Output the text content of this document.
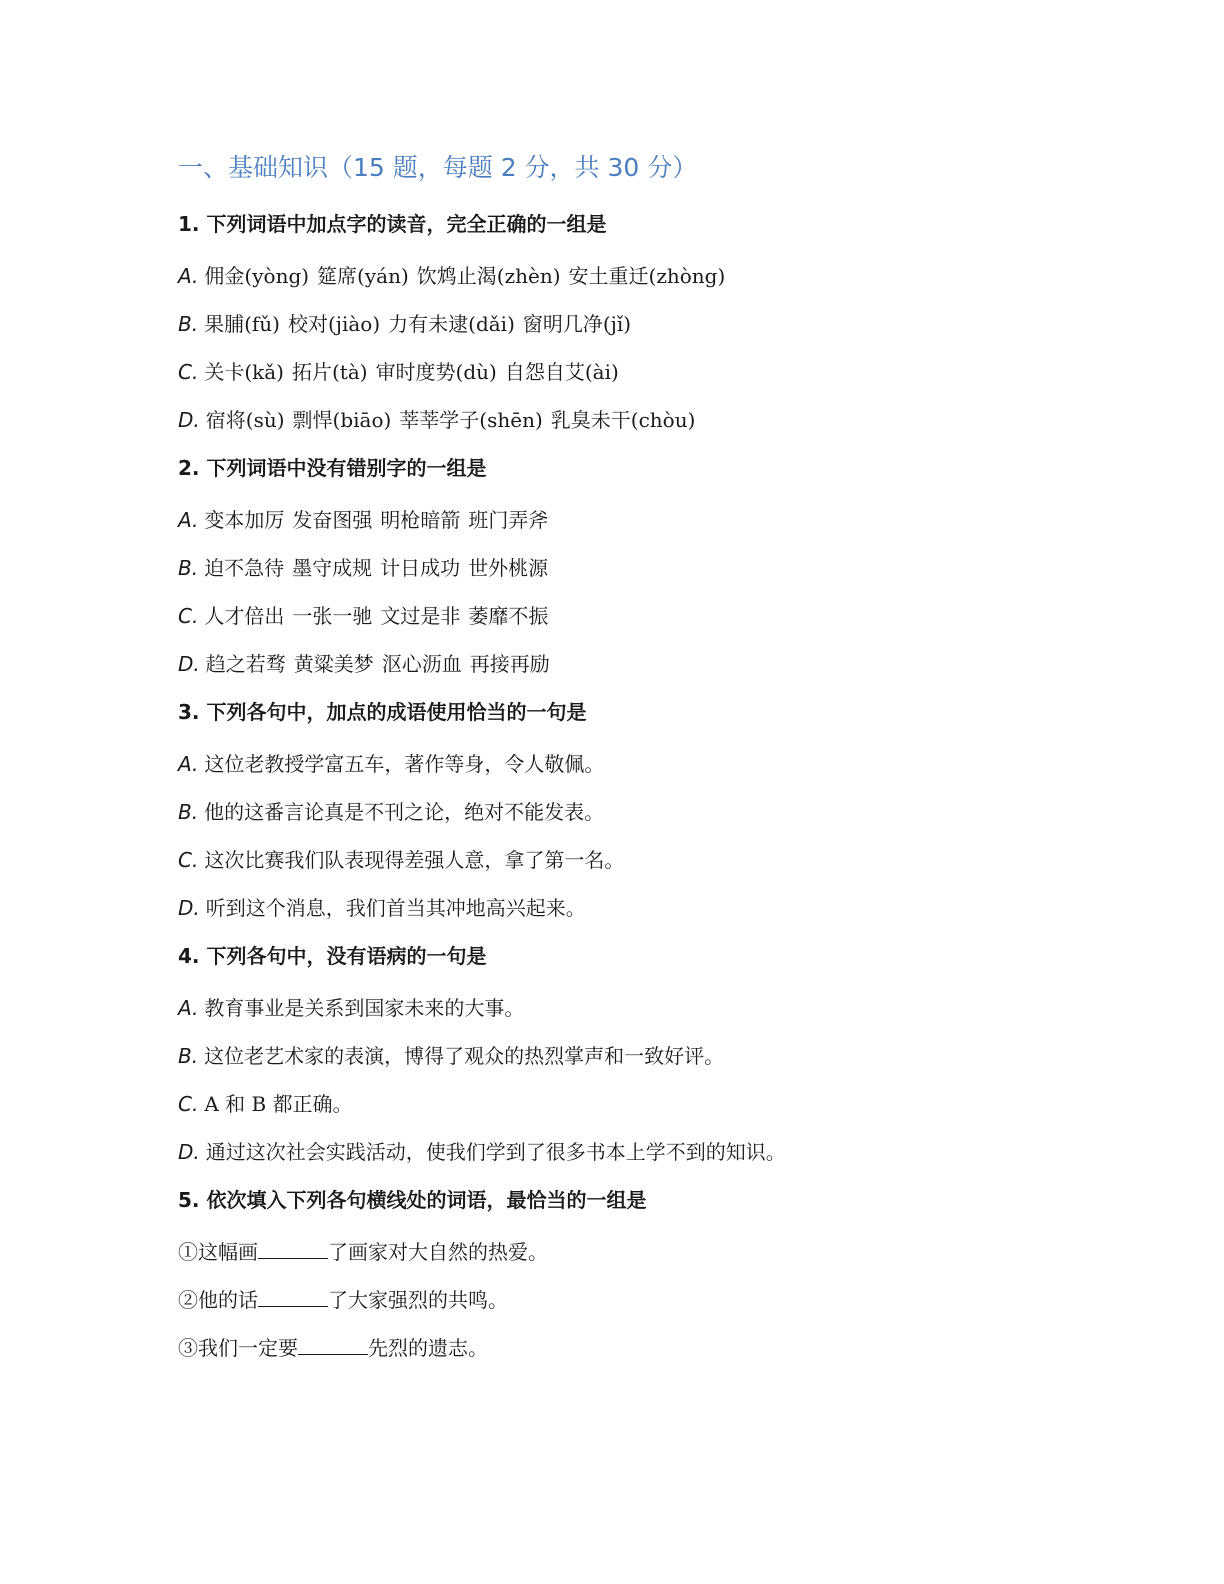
一、基础知识（15 题，每题 2 分，共 30 分）
1. 下列词语中加点字的读音，完全正确的一组是
A. 佣金(yòng) 筵席(yán) 饮鸩止渴(zhèn) 安土重迁(zhòng)
B. 果脯(fǔ) 校对(jiào) 力有未逮(dǎi) 窗明几净(jǐ)
C. 关卡(kǎ) 拓片(tà) 审时度势(dù) 自怨自艾(ài)
D. 宿将(sù) 剽悍(biāo) 莘莘学子(shēn) 乳臭未干(chòu)
2. 下列词语中没有错别字的一组是
A. 变本加厉 发奋图强 明枪暗箭 班门弄斧
B. 迫不急待 墨守成规 计日成功 世外桃源
C. 人才倍出 一张一驰 文过是非 萎靡不振
D. 趋之若骛 黄粱美梦 沤心沥血 再接再励
3. 下列各句中，加点的成语使用恰当的一句是
A. 这位老教授学富五车，著作等身，令人敬佩。
B. 他的这番言论真是不刊之论，绝对不能发表。
C. 这次比赛我们队表现得差强人意，拿了第一名。
D. 听到这个消息，我们首当其冲地高兴起来。
4. 下列各句中，没有语病的一句是
A. 教育事业是关系到国家未来的大事。
B. 这位老艺术家的表演，博得了观众的热烈掌声和一致好评。
C. A 和 B 都正确。
D. 通过这次社会实践活动，使我们学到了很多书本上学不到的知识。
5. 依次填入下列各句横线处的词语，最恰当的一组是
①这幅画	了画家对大自然的热爱。
②他的话	了大家强烈的共鸣。
③我们一定要	先烈的遗志。
